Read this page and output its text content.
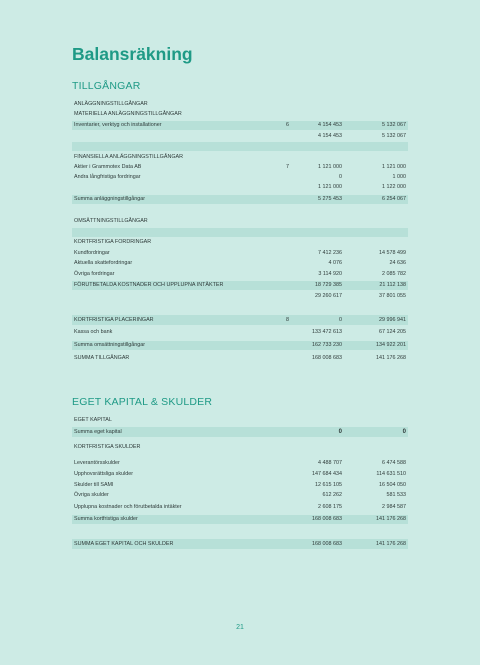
Balansräkning
TILLGÅNGAR
ANLÄGGNINGSTILLGÅNGAR
MATERIELLA ANLÄGGNINGSTILLGÅNGAR
Inventarier, verktyg och installationer	6	4 154 453	5 132 067
4 154 453	5 132 067
FINANSIELLA ANLÄGGNINGSTILLGÅNGAR
Aktier i Grammotex Data AB	7	1 121 000	1 121 000
Andra långfristiga fordringar	0	1 000
1 121 000	1 122 000
Summa anläggningstillgångar	5 275 453	6 254 067
OMSÄTTNINGSTILLGÅNGAR
KORTFRISTIGA FORDRINGAR
Kundfordringar	7 412 236	14 578 499
Aktuella skattefordringar	4 076	24 636
Övriga fordringar	3 114 920	2 085 782
FÖRUTBETALDA KOSTNADER OCH UPPLUPNA INTÄKTER	18 729 385	21 112 138
29 260 617	37 801 055
KORTFRISTIGA PLACERINGAR	8	0	29 996 941
Kassa och bank	133 472 613	67 124 205
Summa omsättningstillgångar	162 733 230	134 922 201
SUMMA TILLGÅNGAR	168 008 683	141 176 268
EGET KAPITAL & SKULDER
EGET KAPITAL
Summa eget kapital	0	0
KORTFRISTIGA SKULDER
Leverantörsskulder	4 488 707	6 474 588
Upphovsrättsliga skulder	147 684 434	114 631 510
Skulder till SAMI	12 615 105	16 504 050
Övriga skulder	612 262	581 533
Upplupna kostnader och förutbetalda intäkter	2 608 175	2 984 587
Summa kortfristiga skulder	168 008 683	141 176 268
SUMMA EGET KAPITAL OCH SKULDER	168 008 683	141 176 268
21
